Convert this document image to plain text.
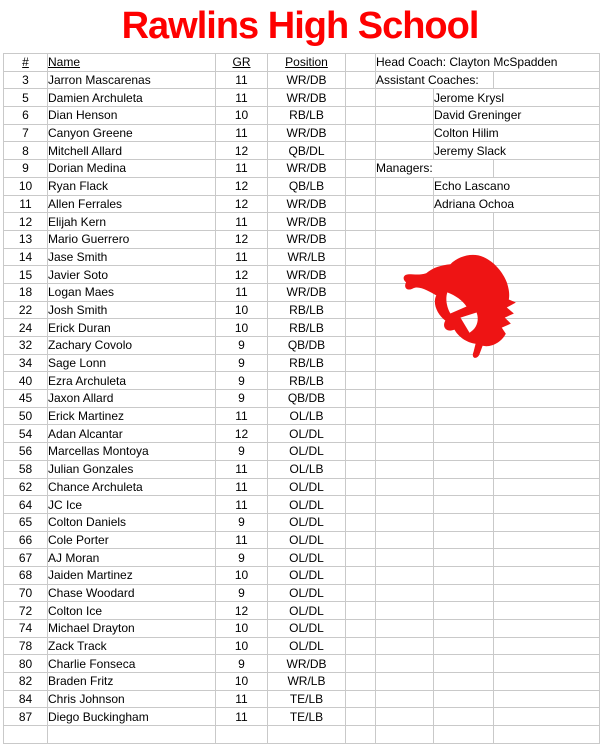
Rawlins High School
#	Name	GR	Position		Head Coach: Clayton McSpadden		
3	Jarron Mascarenas	11	WR/DB		Assistant Coaches:		
5	Damien Archuleta	11	WR/DB			Jerome Krysl	
6	Dian Henson	10	RB/LB			David Greninger	
7	Canyon Greene	11	WR/DB			Colton Hilim	
8	Mitchell Allard	12	QB/DL			Jeremy Slack	
9	Dorian Medina	11	WR/DB		Managers:		
10	Ryan Flack	12	QB/LB			Echo Lascano	
11	Allen Ferrales	12	WR/DB			Adriana Ochoa	
12	Elijah Kern	11	WR/DB				
13	Mario Guerrero	12	WR/DB				
14	Jase Smith	11	WR/LB				
15	Javier Soto	12	WR/DB				
18	Logan Maes	11	WR/DB				
22	Josh Smith	10	RB/LB				
24	Erick Duran	10	RB/LB				
32	Zachary Covolo	9	QB/DB				
34	Sage Lonn	9	RB/LB				
40	Ezra Archuleta	9	RB/LB				
45	Jaxon Allard	9	QB/DB				
50	Erick Martinez	11	OL/LB				
54	Adan Alcantar	12	OL/DL				
56	Marcellas Montoya	9	OL/DL				
58	Julian Gonzales	11	OL/LB				
62	Chance Archuleta	11	OL/DL				
64	JC Ice	11	OL/DL				
65	Colton Daniels	9	OL/DL				
66	Cole Porter	11	OL/DL				
67	AJ Moran	9	OL/DL				
68	Jaiden Martinez	10	OL/DL				
70	Chase Woodard	9	OL/DL				
72	Colton Ice	12	OL/DL				
74	Michael Drayton	10	OL/DL				
78	Zack Track	10	OL/DL				
80	Charlie Fonseca	9	WR/DB				
82	Braden Fritz	10	WR/LB				
84	Chris Johnson	11	TE/LB				
87	Diego Buckingham	11	TE/LB				
